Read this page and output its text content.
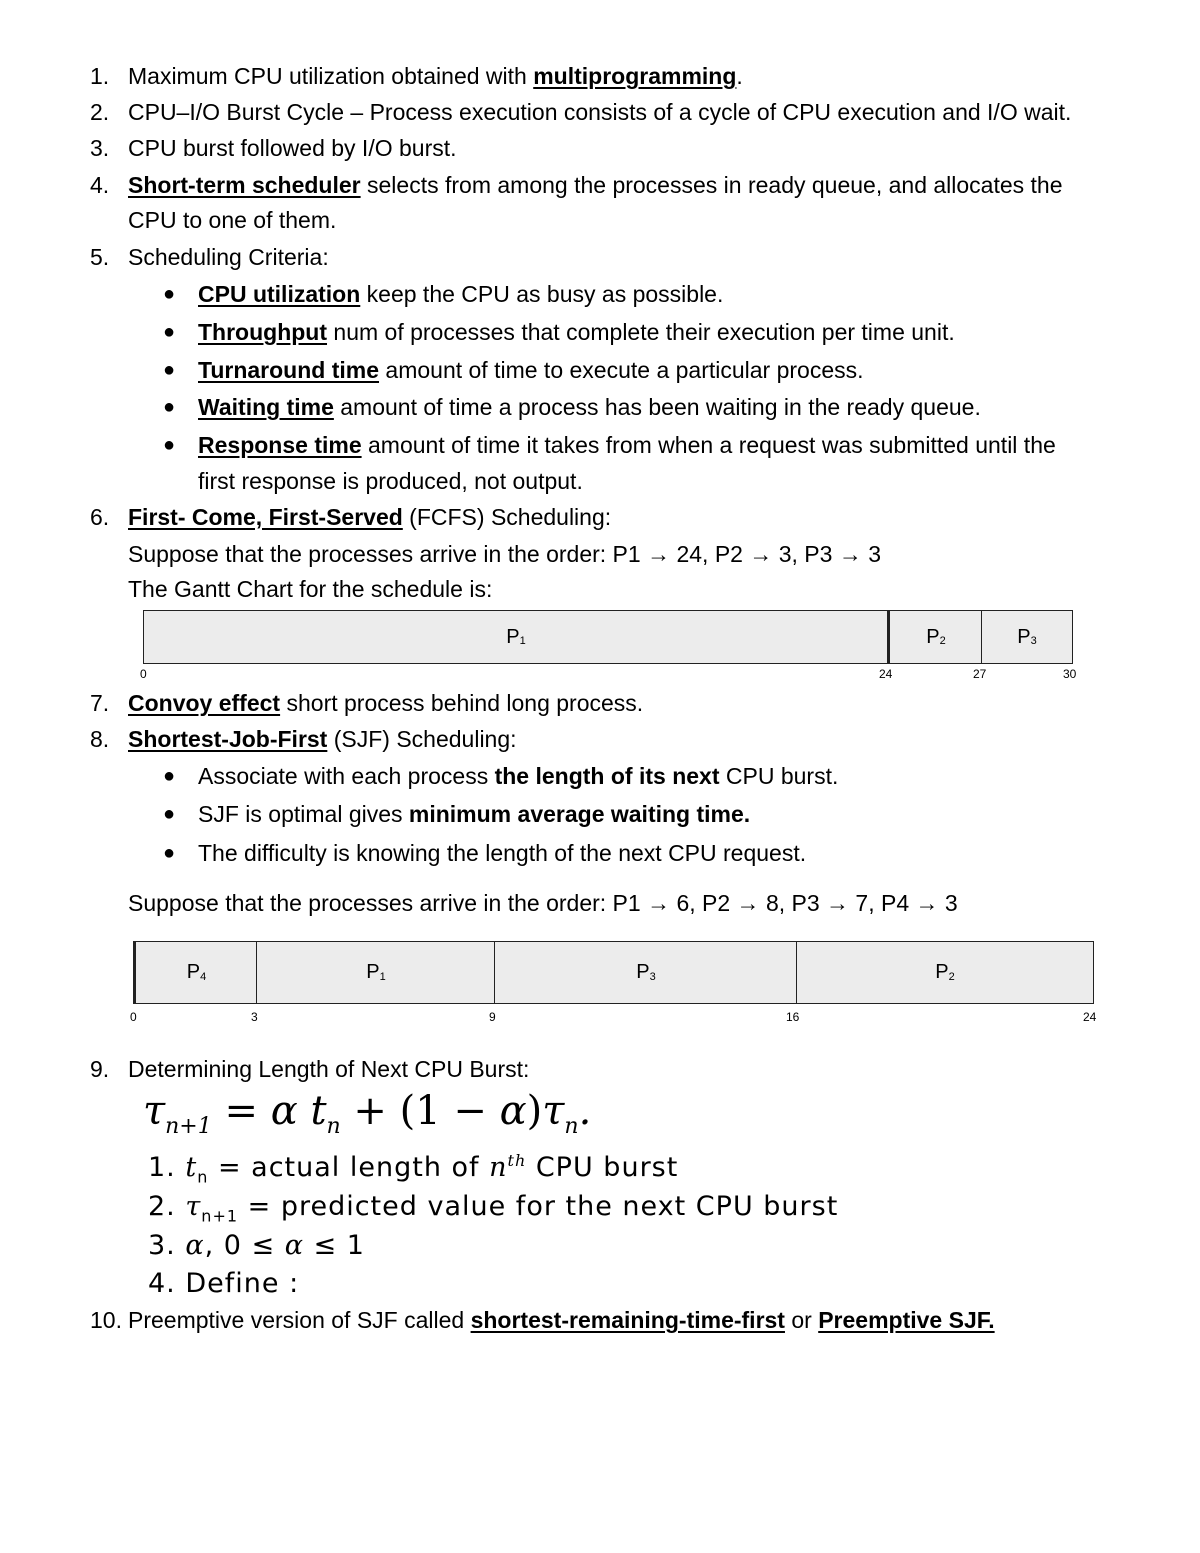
1. Maximum CPU utilization obtained with multiprogramming.
2. CPU–I/O Burst Cycle – Process execution consists of a cycle of CPU execution and I/O wait.
3. CPU burst followed by I/O burst.
4. Short-term scheduler selects from among the processes in ready queue, and allocates the
CPU to one of them.
5. Scheduling Criteria:
● CPU utilization keep the CPU as busy as possible.
● Throughput num of processes that complete their execution per time unit.
● Turnaround time amount of time to execute a particular process.
● Waiting time amount of time a process has been waiting in the ready queue.
● Response time amount of time it takes from when a request was submitted until the
first response is produced, not output.
6. First- Come, First-Served (FCFS) Scheduling:
Suppose that the processes arrive in the order: P1 → 24, P2 → 3, P3 → 3
The Gantt Chart for the schedule is:
$P_1$	$P_2$	$P_3$
0	24	27	30
7. Convoy effect short process behind long process.
8. Shortest-Job-First (SJF) Scheduling:
● Associate with each process the length of its next CPU burst.
● SJF is optimal gives minimum average waiting time.
● The difficulty is knowing the length of the next CPU request.
Suppose that the processes arrive in the order: P1 → 6, P2 → 8, P3 → 7, P4 → 3
$P_4$	$P_1$	$P_3$	$P_2$
0	3	9	16	24
9. Determining Length of Next CPU Burst:
$\tau_{n+1} = \alpha$ $t_n + (1 - \alpha)\tau_n$.
1. $t_n$ = actual length of $n^{th}$ CPU burst
2. $\tau_{n+1}$ = predicted value for the next CPU burst
3. α, 0 ≤ α ≤ 1
4. Define :
10. Preemptive version of SJF called shortest-remaining-time-first or Preemptive SJF.
